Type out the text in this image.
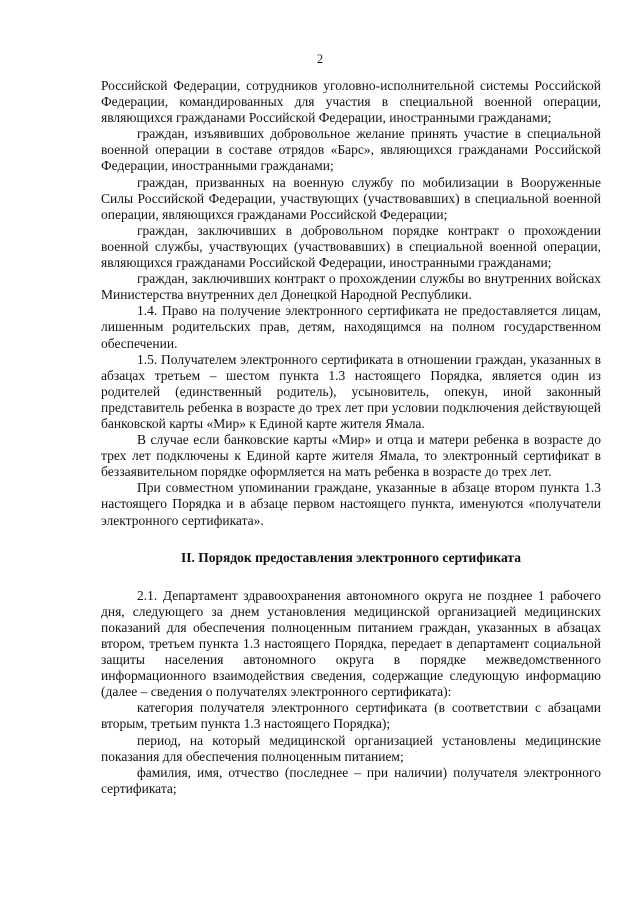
2

Российской Федерации, сотрудников уголовно-исполнительной системы Российской Федерации, командированных для участия в специальной военной операции, являющихся гражданами Российской Федерации, иностранными гражданами;

граждан, изъявивших добровольное желание принять участие в специальной военной операции в составе отрядов «Барс», являющихся гражданами Российской Федерации, иностранными гражданами;

граждан, призванных на военную службу по мобилизации в Вооруженные Силы Российской Федерации, участвующих (участвовавших) в специальной военной операции, являющихся гражданами Российской Федерации;

граждан, заключивших в добровольном порядке контракт о прохождении военной службы, участвующих (участвовавших) в специальной военной операции, являющихся гражданами Российской Федерации, иностранными гражданами;

граждан, заключивших контракт о прохождении службы во внутренних войсках Министерства внутренних дел Донецкой Народной Республики.

1.4. Право на получение электронного сертификата не предоставляется лицам, лишенным родительских прав, детям, находящимся на полном государственном обеспечении.

1.5. Получателем электронного сертификата в отношении граждан, указанных в абзацах третьем – шестом пункта 1.3 настоящего Порядка, является один из родителей (единственный родитель), усыновитель, опекун, иной законный представитель ребенка в возрасте до трех лет при условии подключения действующей банковской карты «Мир» к Единой карте жителя Ямала.

В случае если банковские карты «Мир» и отца и матери ребенка в возрасте до трех лет подключены к Единой карте жителя Ямала, то электронный сертификат в беззаявительном порядке оформляется на мать ребенка в возрасте до трех лет.

При совместном упоминании граждане, указанные в абзаце втором пункта 1.3 настоящего Порядка и в абзаце первом настоящего пункта, именуются «получатели электронного сертификата».

II. Порядок предоставления электронного сертификата

2.1. Департамент здравоохранения автономного округа не позднее 1 рабочего дня, следующего за днем установления медицинской организацией медицинских показаний для обеспечения полноценным питанием граждан, указанных в абзацах втором, третьем пункта 1.3 настоящего Порядка, передает в департамент социальной защиты населения автономного округа в порядке межведомственного информационного взаимодействия сведения, содержащие следующую информацию (далее – сведения о получателях электронного сертификата):

категория получателя электронного сертификата (в соответствии с абзацами вторым, третьим пункта 1.3 настоящего Порядка);

период, на который медицинской организацией установлены медицинские показания для обеспечения полноценным питанием;

фамилия, имя, отчество (последнее – при наличии) получателя электронного сертификата;
